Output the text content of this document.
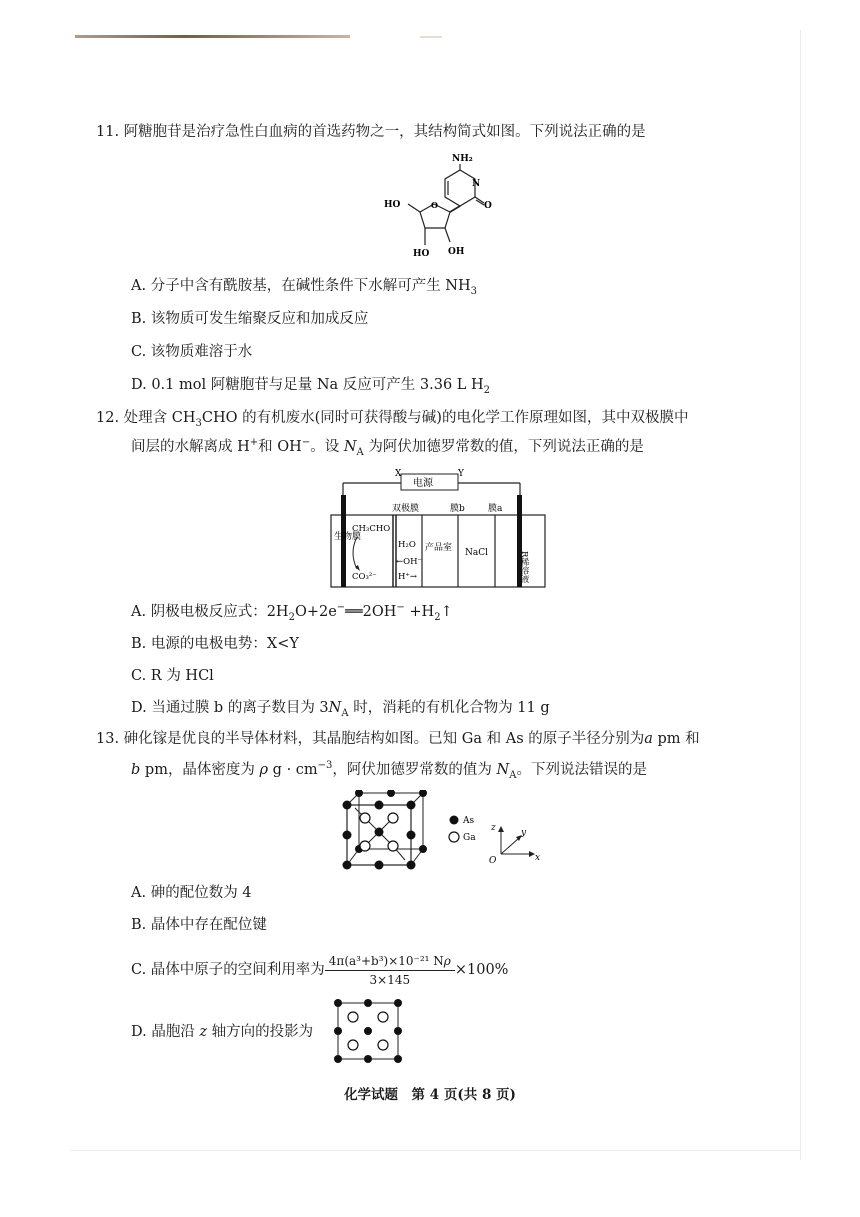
11. 阿糖胞苷是治疗急性白血病的首选药物之一，其结构简式如图。下列说法正确的是
NH₂
N
O
O
HO
HO OH
A. 分子中含有酰胺基，在碱性条件下水解可产生 $NH_3$
B. 该物质可发生缩聚反应和加成反应
C. 该物质难溶于水
D. 0.1 mol 阿糖胞苷与足量 Na 反应可产生 3.36 L $H_2$
12. 处理含 $CH_3CHO$ 的有机废水(同时可获得酸与碱)的电化学工作原理如图，其中双极膜中
间层的水解离成 H+和 OH−。设 $N_A$ 为阿伏加德罗常数的值，下列说法正确的是
电源
X	Y
双极膜	膜b	膜a
生物膜
CH₃CHO
CO₃²⁻
H₂O
←OH⁻
H⁺→
产品室 NaCl	R稀溶液
A. 阴极电极反应式：$2H_2O+2e^-══2OH^-$ $+H_2↑$
B. 电源的电极电势：X<Y
C. R 为 HCl
D. 当通过膜 b 的离子数目为 $3N_A$ 时，消耗的有机化合物为 11 g
13. 砷化镓是优良的半导体材料，其晶胞结构如图。已知 Ga 和 As 的原子半径分别为a pm 和
b pm，晶体密度为 ρ $g \cdot cm^{-3}$，阿伏加德罗常数的值为 $N_A$。下列说法错误的是
As
Ga
z	y
x
O
A. 砷的配位数为 4
B. 晶体中存在配位键
C. 晶体中原子的空间利用率为 $\frac{\text{4π(a³+b³)×10⁻²¹ Nρ}}{3\times 145} \times 100\%$
D. 晶胞沿 z 轴方向的投影为
化学试题　第 4 页(共 8 页)
